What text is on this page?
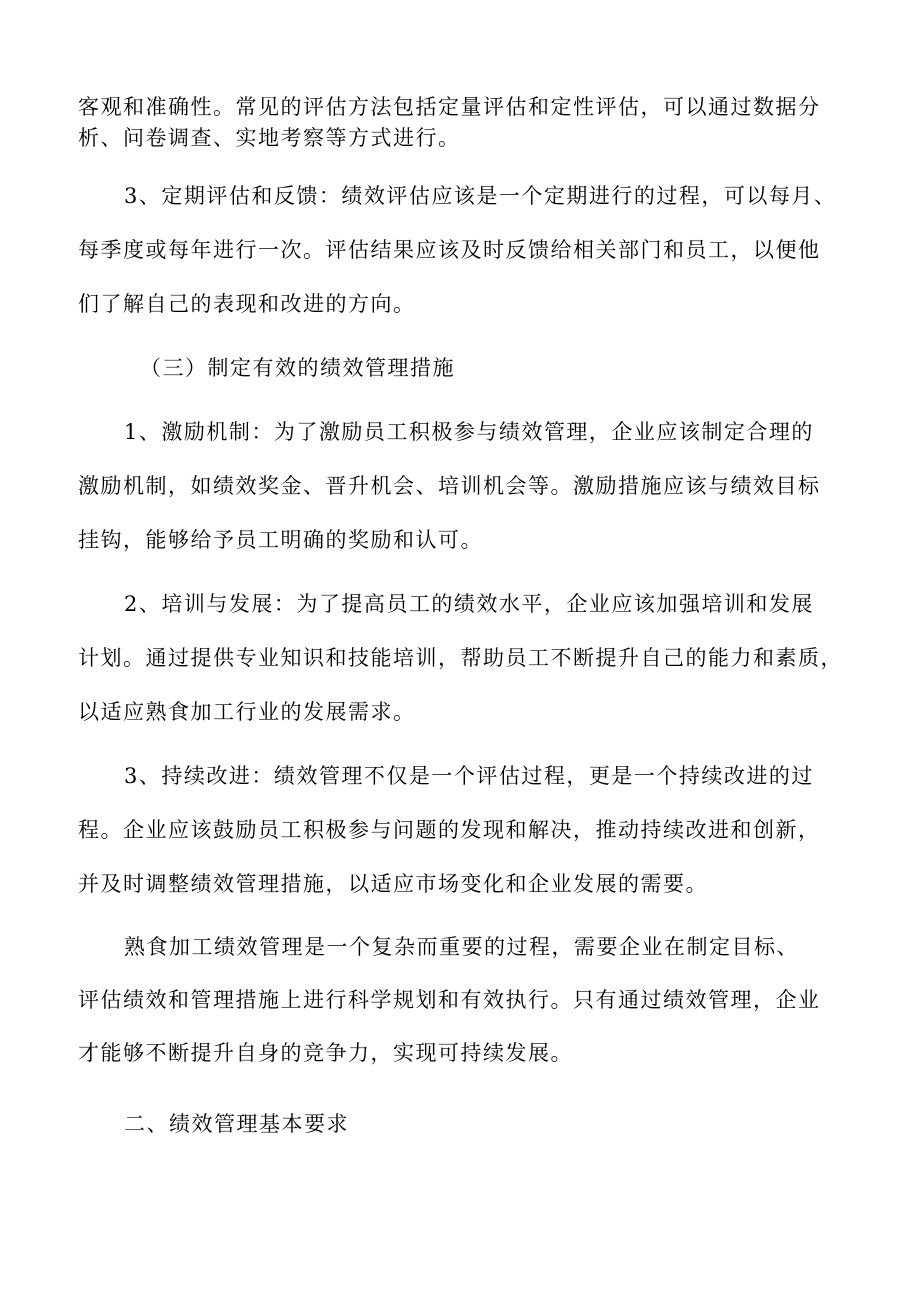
客观和准确性。常见的评估方法包括定量评估和定性评估，可以通过数据分
析、问卷调查、实地考察等方式进行。
3、定期评估和反馈：绩效评估应该是一个定期进行的过程，可以每月、
每季度或每年进行一次。评估结果应该及时反馈给相关部门和员工，以便他
们了解自己的表现和改进的方向。
（三）制定有效的绩效管理措施
1、激励机制：为了激励员工积极参与绩效管理，企业应该制定合理的
激励机制，如绩效奖金、晋升机会、培训机会等。激励措施应该与绩效目标
挂钩，能够给予员工明确的奖励和认可。
2、培训与发展：为了提高员工的绩效水平，企业应该加强培训和发展
计划。通过提供专业知识和技能培训，帮助员工不断提升自己的能力和素质，
以适应熟食加工行业的发展需求。
3、持续改进：绩效管理不仅是一个评估过程，更是一个持续改进的过
程。企业应该鼓励员工积极参与问题的发现和解决，推动持续改进和创新，
并及时调整绩效管理措施，以适应市场变化和企业发展的需要。
熟食加工绩效管理是一个复杂而重要的过程，需要企业在制定目标、
评估绩效和管理措施上进行科学规划和有效执行。只有通过绩效管理，企业
才能够不断提升自身的竞争力，实现可持续发展。
二、绩效管理基本要求
